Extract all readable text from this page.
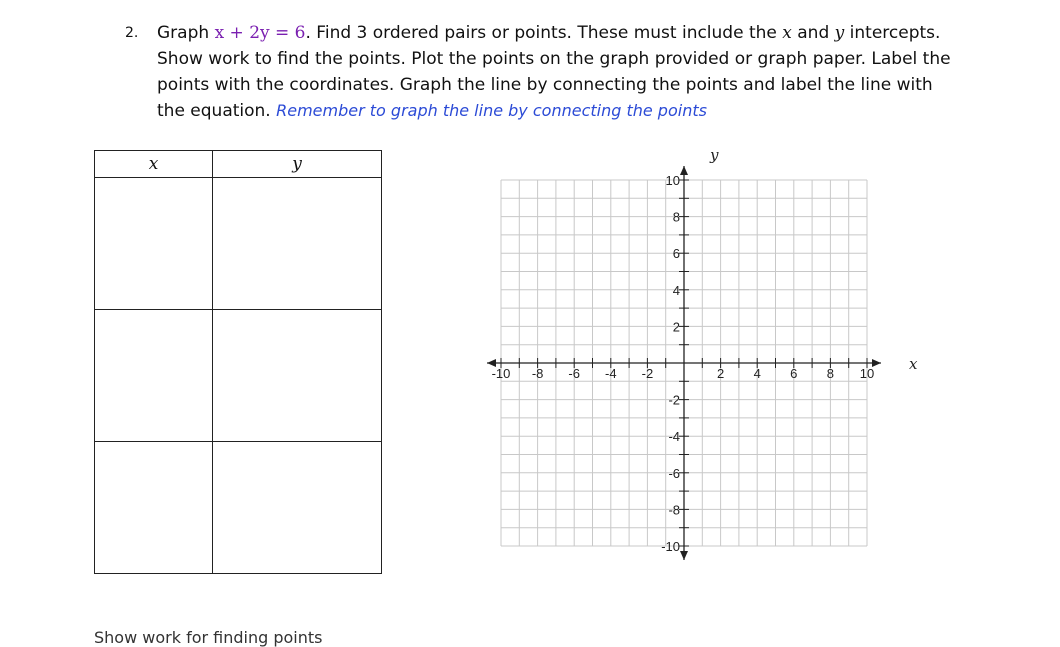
2. Graph x + 2y = 6. Find 3 ordered pairs or points. These must include the x and y intercepts. Show work to find the points. Plot the points on the graph provided or graph paper. Label the points with the coordinates. Graph the line by connecting the points and label the line with the equation. Remember to graph the line by connecting the points
x	y

-10 -8 -6 -4 -2	2 4 6 8 10
10
8
6
4
2
-2
-4
-6
-8
-10
x
y
Show work for finding points
